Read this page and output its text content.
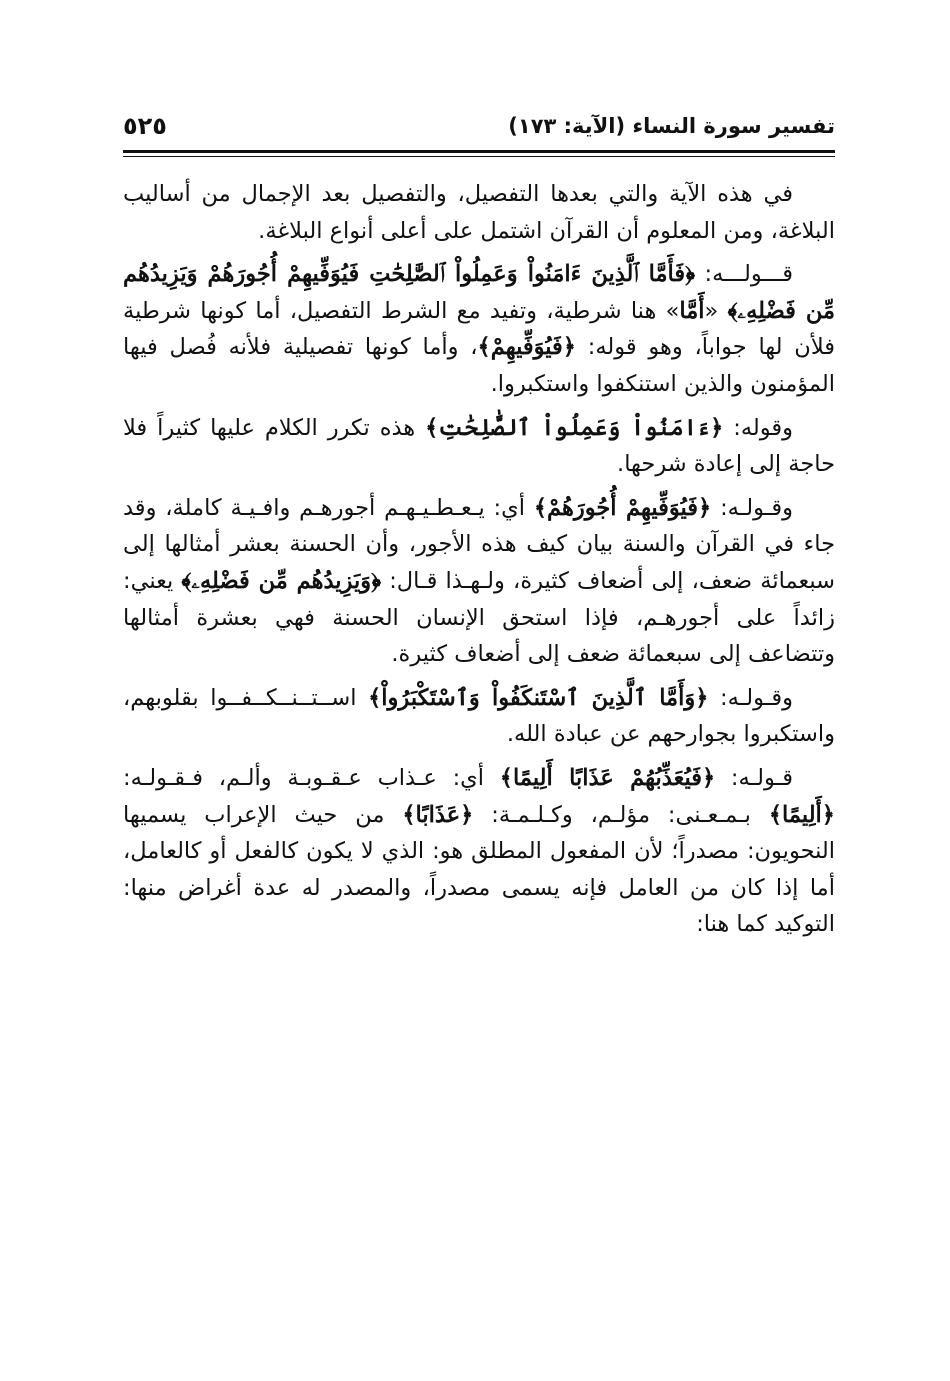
تفسير سورة النساء (الآية: ١٧٣)
٥٢٥

في هذه الآية والتي بعدها التفصيل، والتفصيل بعد الإجمال من أساليب البلاغة، ومن المعلوم أن القرآن اشتمل على أعلى أنواع البلاغة.

قـــولـــه: ﴿فَأَمَّا ٱلَّذِينَ ءَامَنُواْ وَعَمِلُواْ ٱلصَّٰلِحَٰتِ فَيُوَفِّيهِمْ أُجُورَهُمْ وَيَزِيدُهُم مِّن فَضْلِهِۦ﴾ «أَمَّا» هنا شرطية، وتفيد مع الشرط التفصيل، أما كونها شرطية فلأن لها جواباً، وهو قوله: ﴿فَيُوَفِّيهِمْ﴾، وأما كونها تفصيلية فلأنه فُصل فيها المؤمنون والذين استنكفوا واستكبروا.

وقوله: ﴿ءَامَنُواْ وَعَمِلُواْ ٱلصَّٰلِحَٰتِ﴾ هذه تكرر الكلام عليها كثيراً فلا حاجة إلى إعادة شرحها.

وقـولـه: ﴿فَيُوَفِّيهِمْ أُجُورَهُمْ﴾ أي: يـعـطـيـهـم أجورهـم وافـيـة كاملة، وقد جاء في القرآن والسنة بيان كيف هذه الأجور، وأن الحسنة بعشر أمثالها إلى سبعمائة ضعف، إلى أضعاف كثيرة، ولـهـذا قـال: ﴿وَيَزِيدُهُم مِّن فَضْلِهِۦ﴾ يعني: زائداً على أجورهـم، فإذا استحق الإنسان الحسنة فهي بعشرة أمثالها وتتضاعف إلى سبعمائة ضعف إلى أضعاف كثيرة.

وقـولـه: ﴿وَأَمَّا ٱلَّذِينَ ٱسْتَنكَفُواْ وَٱسْتَكْبَرُواْ﴾ اســتــنــكــفــوا بقلوبهم، واستكبروا بجوارحهم عن عبادة الله.

قـولـه: ﴿فَيُعَذِّبُهُمْ عَذَابًا أَلِيمًا﴾ أي: عـذاب عـقـوبـة وألـم، فـقـولـه: ﴿أَلِيمًا﴾ بـمـعـنى: مؤلـم، وكـلـمـة: ﴿عَذَابًا﴾ من حيث الإعراب يسميها النحويون: مصدراً؛ لأن المفعول المطلق هو: الذي لا يكون كالفعل أو كالعامل، أما إذا كان من العامل فإنه يسمى مصدراً، والمصدر له عدة أغراض منها: التوكيد كما هنا:
